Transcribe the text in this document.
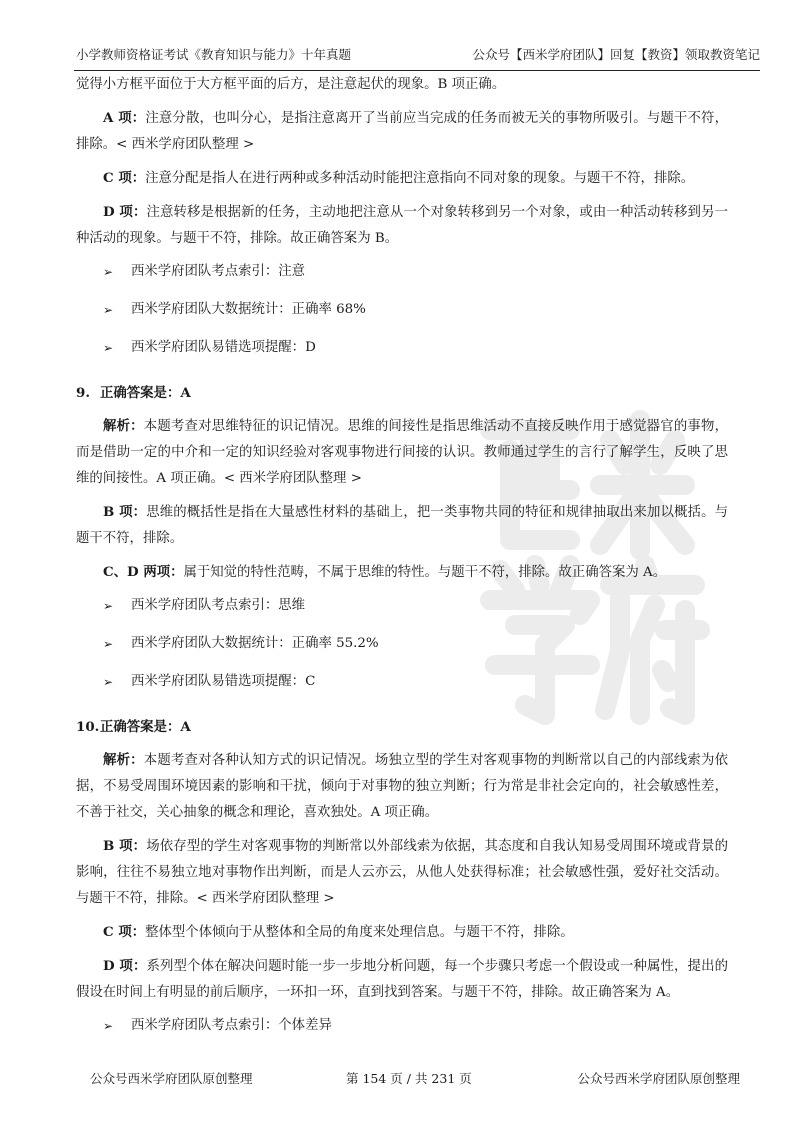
小学教师资格证考试《教育知识与能力》十年真题	公众号【西米学府团队】回复【教资】领取教资笔记

觉得小方框平面位于大方框平面的后方，是注意起伏的现象。B 项正确。

A 项：注意分散，也叫分心，是指注意离开了当前应当完成的任务而被无关的事物所吸引。与题干不符，排除。< 西米学府团队整理 >

C 项：注意分配是指人在进行两种或多种活动时能把注意指向不同对象的现象。与题干不符，排除。

D 项：注意转移是根据新的任务，主动地把注意从一个对象转移到另一个对象，或由一种活动转移到另一种活动的现象。与题干不符，排除。故正确答案为 B。

➢ 西米学府团队考点索引：注意
➢ 西米学府团队大数据统计：正确率 68%
➢ 西米学府团队易错选项提醒：D

9. 正确答案是：A

解析：本题考查对思维特征的识记情况。思维的间接性是指思维活动不直接反映作用于感觉器官的事物，而是借助一定的中介和一定的知识经验对客观事物进行间接的认识。教师通过学生的言行了解学生，反映了思维的间接性。A 项正确。< 西米学府团队整理 >

B 项：思维的概括性是指在大量感性材料的基础上，把一类事物共同的特征和规律抽取出来加以概括。与题干不符，排除。

C、D 两项：属于知觉的特性范畴，不属于思维的特性。与题干不符，排除。故正确答案为 A。

➢ 西米学府团队考点索引：思维
➢ 西米学府团队大数据统计：正确率 55.2%
➢ 西米学府团队易错选项提醒：C

10.正确答案是：A

解析：本题考查对各种认知方式的识记情况。场独立型的学生对客观事物的判断常以自己的内部线索为依据，不易受周围环境因素的影响和干扰，倾向于对事物的独立判断；行为常是非社会定向的，社会敏感性差，不善于社交，关心抽象的概念和理论，喜欢独处。A 项正确。

B 项：场依存型的学生对客观事物的判断常以外部线索为依据，其态度和自我认知易受周围环境或背景的影响，往往不易独立地对事物作出判断，而是人云亦云，从他人处获得标准；社会敏感性强，爱好社交活动。与题干不符，排除。< 西米学府团队整理 >

C 项：整体型个体倾向于从整体和全局的角度来处理信息。与题干不符，排除。

D 项：系列型个体在解决问题时能一步一步地分析问题，每一个步骤只考虑一个假设或一种属性，提出的假设在时间上有明显的前后顺序，一环扣一环，直到找到答案。与题干不符，排除。故正确答案为 A。

➢ 西米学府团队考点索引：个体差异
公众号西米学府团队原创整理	第 154 页 / 共 231 页	公众号西米学府团队原创整理
